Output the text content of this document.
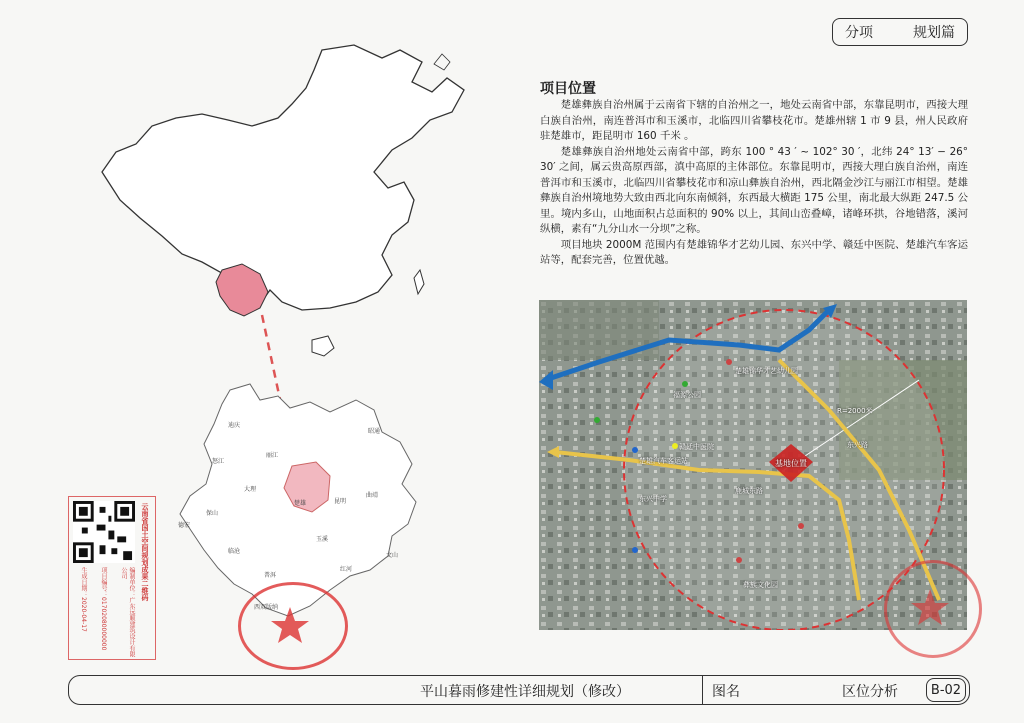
分项	规划篇
迪庆
怒江
丽江
大理
保山
德宏
临沧
楚雄	昆明
曲靖
昭通
玉溪
红河
文山
普洱
西双版纳
项目位置

楚雄彝族自治州属于云南省下辖的自治州之一，地处云南省中部，东靠昆明市，西接大理白族自治州，南连普洱市和玉溪市，北临四川省攀枝花市。楚雄州辖 1 市 9 县，州人民政府驻楚雄市，距昆明市 160 千米 。

楚雄彝族自治州地处云南省中部，跨东 100 ° 43 ′ ~ 102° 30 ′，北纬 24° 13′ − 26° 30′ 之间，属云贵高原西部，滇中高原的主体部位。东靠昆明市，西接大理白族自治州，南连普洱市和玉溪市，北临四川省攀枝花市和凉山彝族自治州，西北隔金沙江与丽江市相望。楚雄彝族自治州境地势大致由西北向东南倾斜，东西最大横距 175 公里，南北最大纵距 247.5 公里。境内多山，山地面积占总面积的 90% 以上，其间山峦叠嶂，诸峰环拱，谷地错落，溪河纵横，素有“九分山水一分坝”之称。

项目地块 2000M 范围内有楚雄锦华才艺幼儿园、东兴中学、赣廷中医院、楚雄汽车客运站等，配套完善，位置优越。

基地位置
R=2000米
鹿城东路
东兴路
楚雄汽车客运站
东兴中学
楚雄锦华才艺幼儿园
赣廷中医院
福源公园
彝族文化园
云南省国土空间规划成果二维码
编制单位：广东远顺建筑设计有限公司
项目编号：01702080000000
生成日期：2020-04-17
平山暮雨修建性详细规划（修改）	图名	区位分析	B-02
